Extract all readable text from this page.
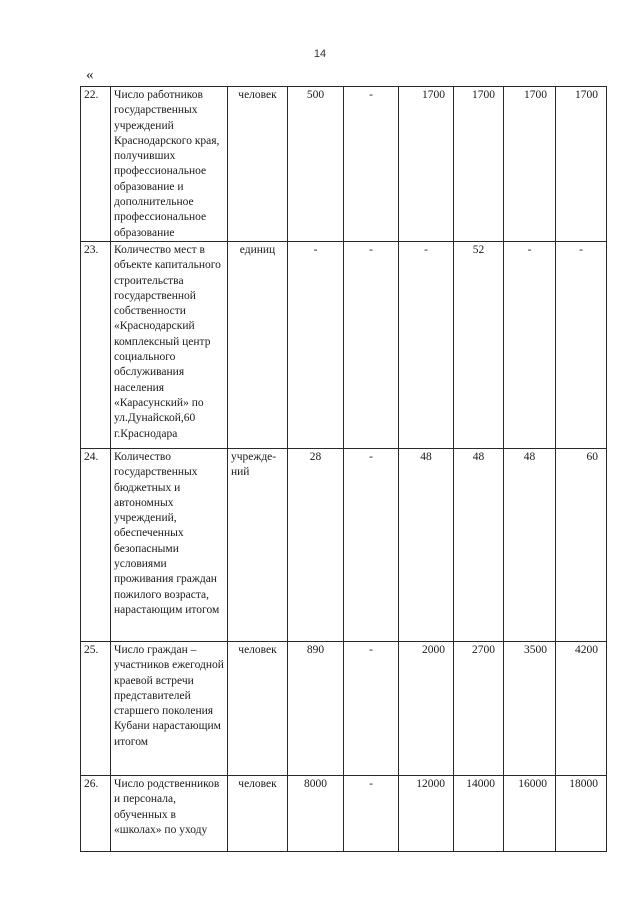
14
«
22.	Число работников государственных учреждений Краснодарского края, получивших профессиональное образование и дополнительное профессиональное образование	человек	500	-	1700	1700	1700	1700
23.	Количество мест в объекте капитального строительства государственной собственности «Краснодарский комплексный центр социального обслуживания населения «Карасунский» по ул.Дунайской,60 г.Краснодара	единиц	-	-	-	52	-	-
24.	Количество государственных бюджетных и автономных учреждений, обеспеченных безопасными условиями проживания граждан пожилого возраста, нарастающим итогом	учрежде-ний	28	-	48	48	48	60
25.	Число граждан – участников ежегодной краевой встречи представителей старшего поколения Кубани нарастающим итогом	человек	890	-	2000	2700	3500	4200
26.	Число родственников и персонала, обученных в «школах» по уходу	человек	8000	-	12000	14000	16000	18000
